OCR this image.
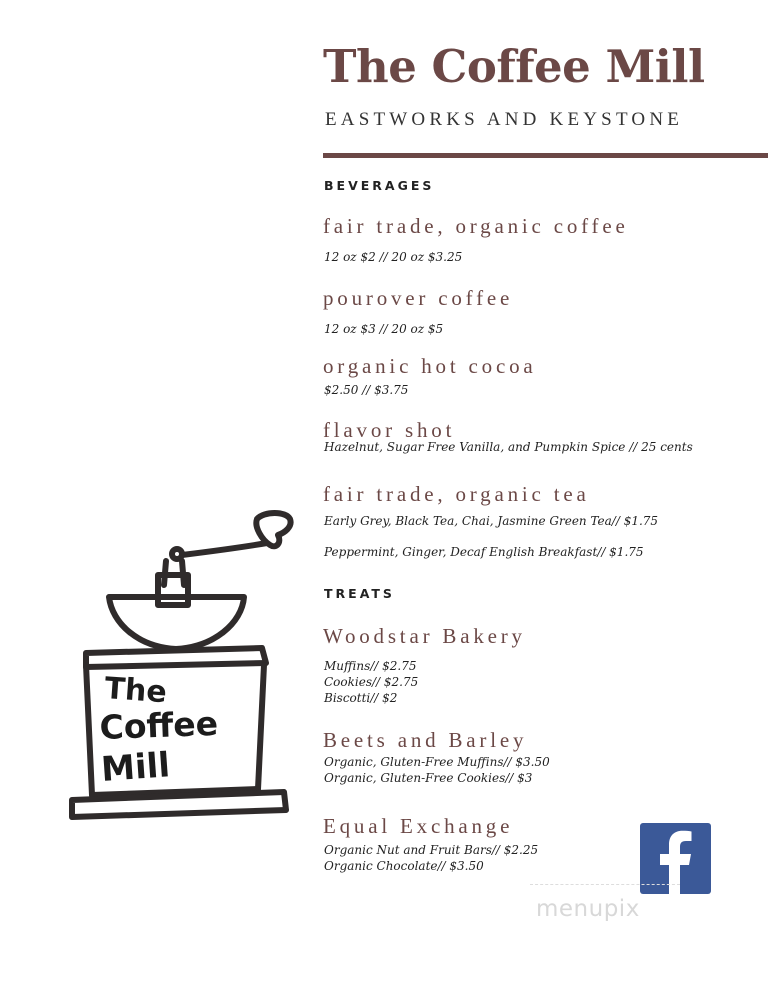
The Coffee Mill
EASTWORKS AND KEYSTONE
BEVERAGES
fair trade, organic coffee
12 oz $2 // 20 oz $3.25
pourover coffee
12 oz $3 // 20 oz $5
organic hot cocoa
$2.50 // $3.75
flavor shot
Hazelnut, Sugar Free Vanilla, and Pumpkin Spice // 25 cents
fair trade, organic tea
Early Grey, Black Tea, Chai, Jasmine Green Tea// $1.75
Peppermint, Ginger, Decaf English Breakfast// $1.75
TREATS
Woodstar Bakery
Muffins// $2.75
Cookies// $2.75
Biscotti// $2
Beets and Barley
Organic, Gluten-Free Muffins// $3.50
Organic, Gluten-Free Cookies// $3
Equal Exchange
Organic Nut and Fruit Bars// $2.25
Organic Chocolate// $3.50
The
Coffee
Mill
menupix
